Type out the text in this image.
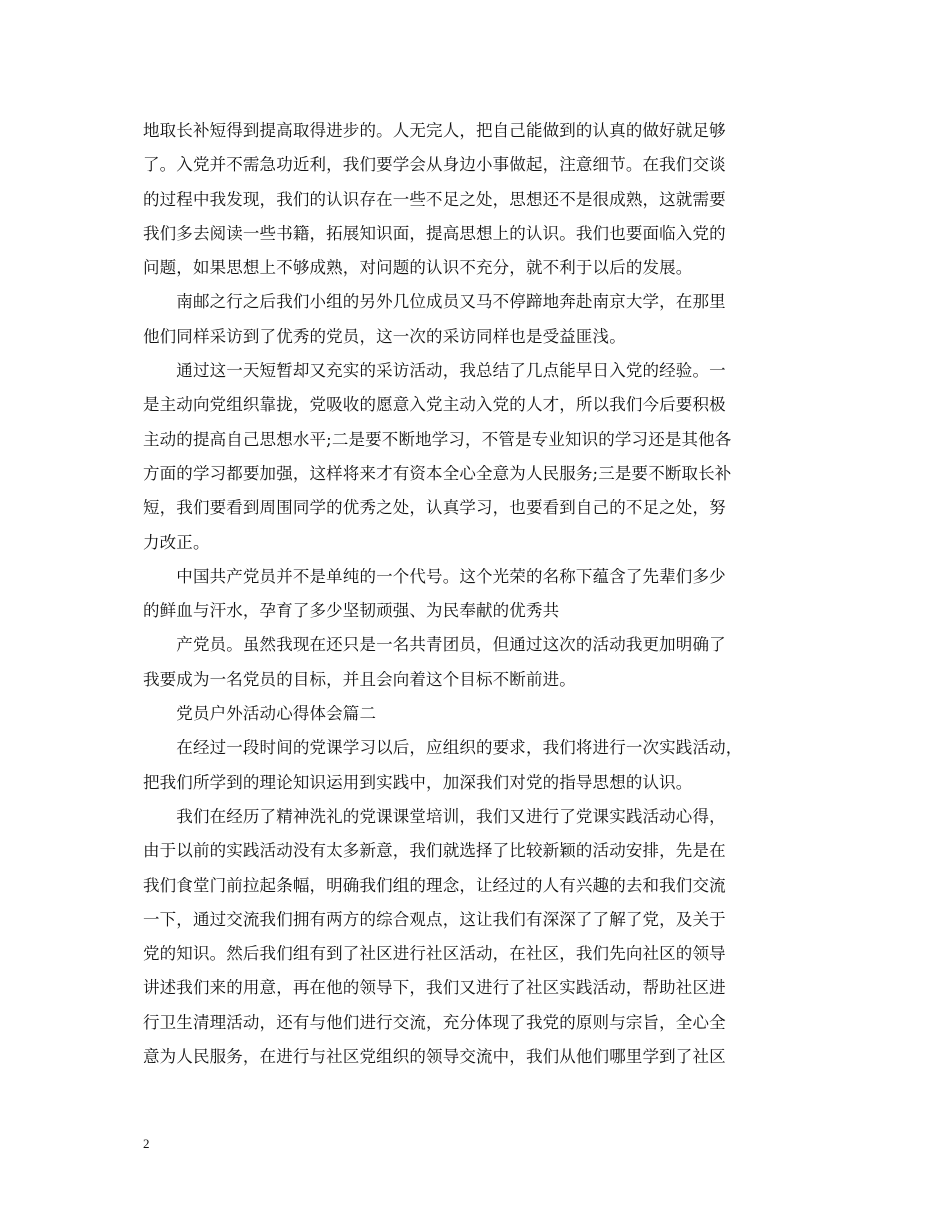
地取长补短得到提高取得进步的。人无完人，把自己能做到的认真的做好就足够
了。入党并不需急功近利，我们要学会从身边小事做起，注意细节。在我们交谈
的过程中我发现，我们的认识存在一些不足之处，思想还不是很成熟，这就需要
我们多去阅读一些书籍，拓展知识面，提高思想上的认识。我们也要面临入党的
问题，如果思想上不够成熟，对问题的认识不充分，就不利于以后的发展。
　　南邮之行之后我们小组的另外几位成员又马不停蹄地奔赴南京大学，在那里
他们同样采访到了优秀的党员，这一次的采访同样也是受益匪浅。
　　通过这一天短暂却又充实的采访活动，我总结了几点能早日入党的经验。一
是主动向党组织靠拢，党吸收的愿意入党主动入党的人才，所以我们今后要积极
主动的提高自己思想水平;二是要不断地学习，不管是专业知识的学习还是其他各
方面的学习都要加强，这样将来才有资本全心全意为人民服务;三是要不断取长补
短，我们要看到周围同学的优秀之处，认真学习，也要看到自己的不足之处，努
力改正。
　　中国共产党员并不是单纯的一个代号。这个光荣的名称下蕴含了先辈们多少
的鲜血与汗水，孕育了多少坚韧顽强、为民奉献的优秀共
　　产党员。虽然我现在还只是一名共青团员，但通过这次的活动我更加明确了
我要成为一名党员的目标，并且会向着这个目标不断前进。
　　党员户外活动心得体会篇二
　　在经过一段时间的党课学习以后，应组织的要求，我们将进行一次实践活动，
把我们所学到的理论知识运用到实践中，加深我们对党的指导思想的认识。
　　我们在经历了精神洗礼的党课课堂培训，我们又进行了党课实践活动心得，
由于以前的实践活动没有太多新意，我们就选择了比较新颖的活动安排，先是在
我们食堂门前拉起条幅，明确我们组的理念，让经过的人有兴趣的去和我们交流
一下，通过交流我们拥有两方的综合观点，这让我们有深深了了解了党，及关于
党的知识。然后我们组有到了社区进行社区活动，在社区，我们先向社区的领导
讲述我们来的用意，再在他的领导下，我们又进行了社区实践活动，帮助社区进
行卫生清理活动，还有与他们进行交流，充分体现了我党的原则与宗旨，全心全
意为人民服务，在进行与社区党组织的领导交流中，我们从他们哪里学到了社区
2
